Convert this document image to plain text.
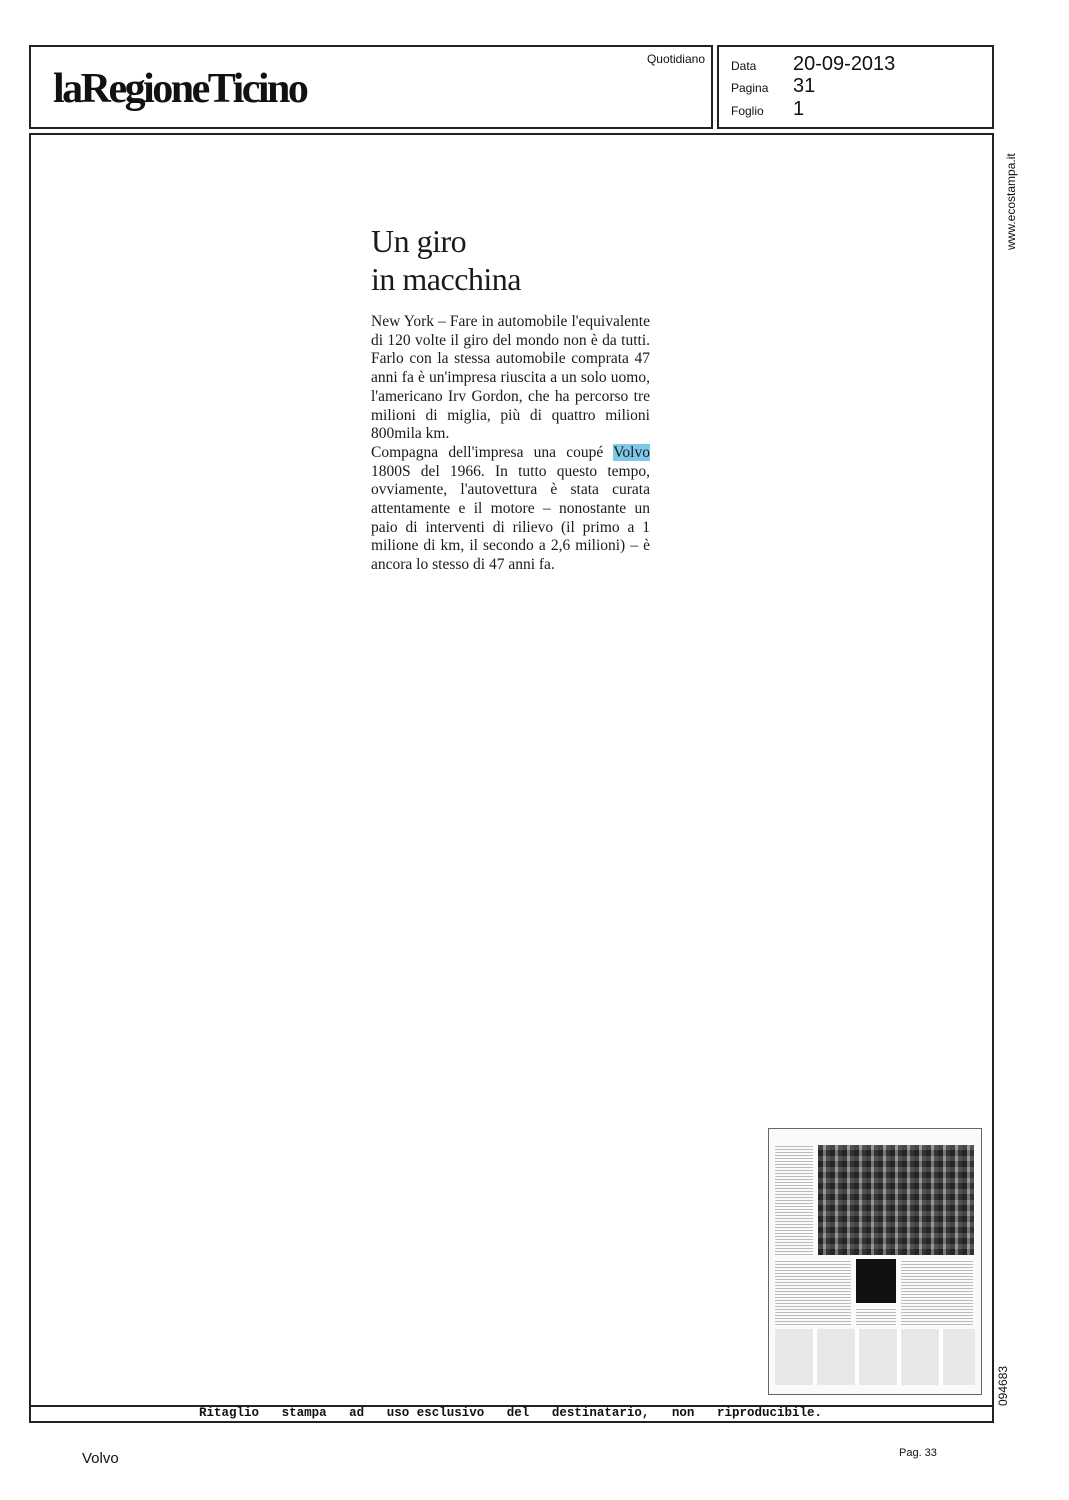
laRegioneTicino
Quotidiano Data	20-09-2013
Pagina	31
Foglio	1
www.ecostampa.it
094683
Un giro
in macchina

New York – Fare in automobile l'equivalente di 120 volte il giro del mondo non è da tutti. Farlo con la stessa automobile comprata 47 anni fa è un'impresa riuscita a un solo uomo, l'americano Irv Gordon, che ha percorso tre milioni di miglia, più di quattro milioni 800mila km.

Compagna dell'impresa una coupé Volvo 1800S del 1966. In tutto questo tempo, ovviamente, l'autovettura è stata curata attentamente e il motore – nonostante un paio di interventi di rilievo (il primo a 1 milione di km, il secondo a 2,6 milioni) – è ancora lo stesso di 47 anni fa.

Ritaglio stampa ad uso esclusivo del destinatario, non riproducibile.
Volvo	Pag. 33
